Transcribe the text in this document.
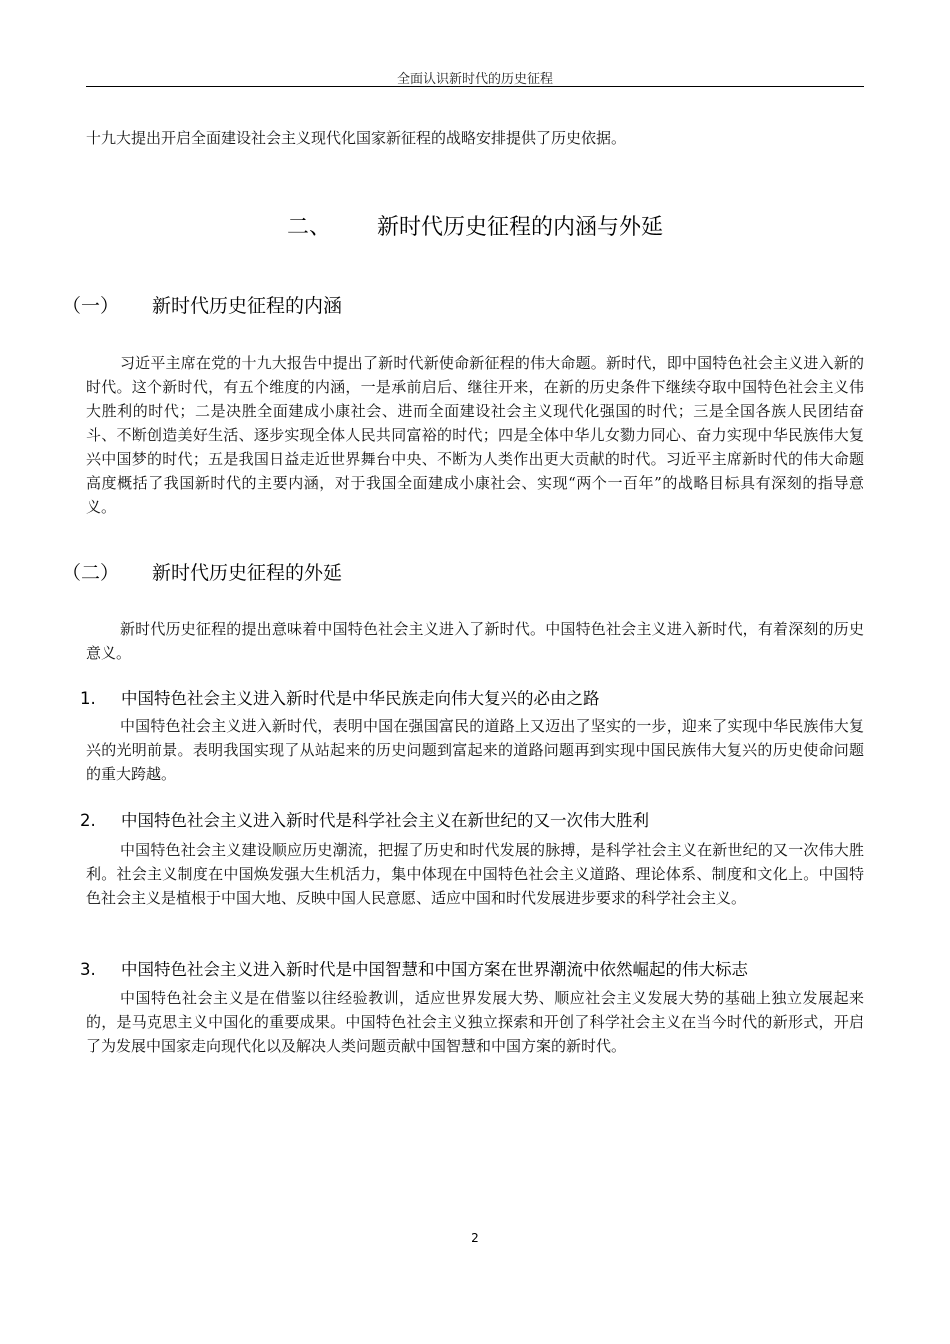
全面认识新时代的历史征程

十九大提出开启全面建设社会主义现代化国家新征程的战略安排提供了历史依据。

二、 新时代历史征程的内涵与外延
（一） 新时代历史征程的内涵

习近平主席在党的十九大报告中提出了新时代新使命新征程的伟大命题。新时代，即中国特色社会主义进入新的时代。这个新时代，有五个维度的内涵，一是承前启后、继往开来，在新的历史条件下继续夺取中国特色社会主义伟大胜利的时代；二是决胜全面建成小康社会、进而全面建设社会主义现代化强国的时代；三是全国各族人民团结奋斗、不断创造美好生活、逐步实现全体人民共同富裕的时代；四是全体中华儿女勠力同心、奋力实现中华民族伟大复兴中国梦的时代；五是我国日益走近世界舞台中央、不断为人类作出更大贡献的时代。习近平主席新时代的伟大命题高度概括了我国新时代的主要内涵，对于我国全面建成小康社会、实现“两个一百年”的战略目标具有深刻的指导意义。

（二） 新时代历史征程的外延

新时代历史征程的提出意味着中国特色社会主义进入了新时代。中国特色社会主义进入新时代，有着深刻的历史意义。

1. 中国特色社会主义进入新时代是中华民族走向伟大复兴的必由之路

中国特色社会主义进入新时代，表明中国在强国富民的道路上又迈出了坚实的一步，迎来了实现中华民族伟大复兴的光明前景。表明我国实现了从站起来的历史问题到富起来的道路问题再到实现中国民族伟大复兴的历史使命问题的重大跨越。

2. 中国特色社会主义进入新时代是科学社会主义在新世纪的又一次伟大胜利

中国特色社会主义建设顺应历史潮流，把握了历史和时代发展的脉搏，是科学社会主义在新世纪的又一次伟大胜利。社会主义制度在中国焕发强大生机活力，集中体现在中国特色社会主义道路、理论体系、制度和文化上。中国特色社会主义是植根于中国大地、反映中国人民意愿、适应中国和时代发展进步要求的科学社会主义。

3. 中国特色社会主义进入新时代是中国智慧和中国方案在世界潮流中依然崛起的伟大标志

中国特色社会主义是在借鉴以往经验教训，适应世界发展大势、顺应社会主义发展大势的基础上独立发展起来的，是马克思主义中国化的重要成果。中国特色社会主义独立探索和开创了科学社会主义在当今时代的新形式，开启了为发展中国家走向现代化以及解决人类问题贡献中国智慧和中国方案的新时代。

2
